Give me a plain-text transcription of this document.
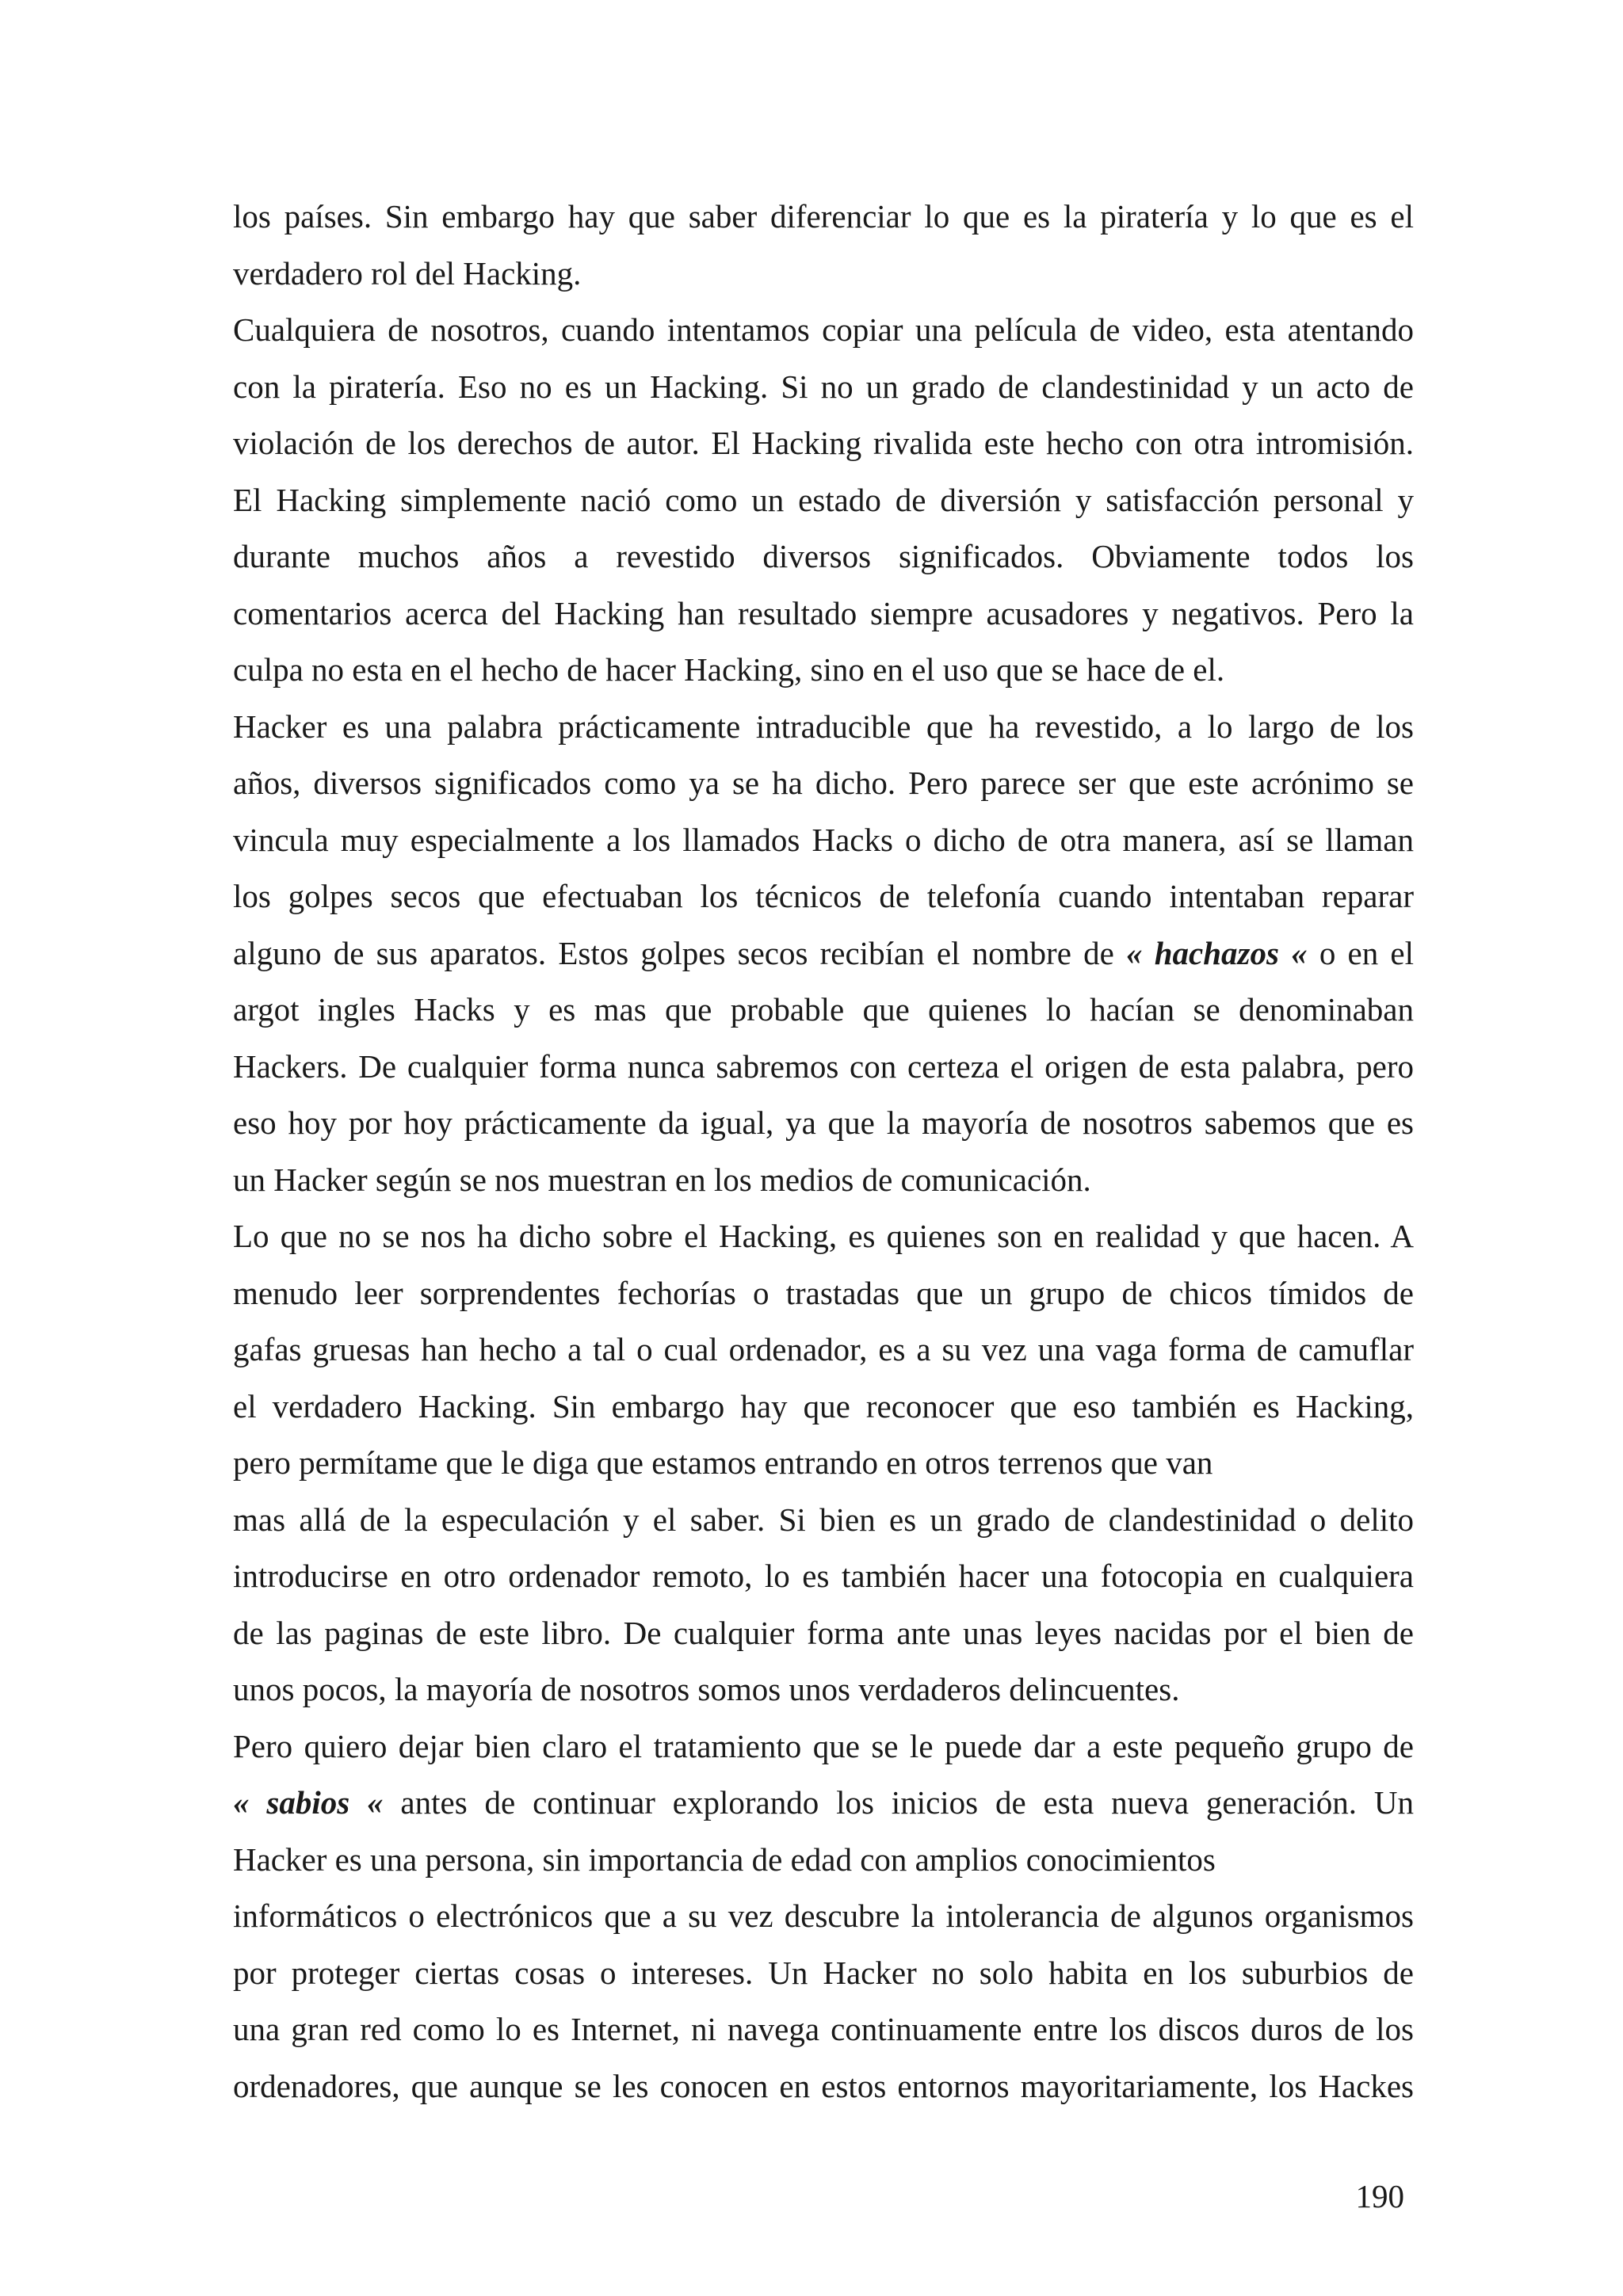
los países. Sin embargo hay que saber diferenciar lo que es la piratería y lo que es el
verdadero rol del Hacking.
Cualquiera de nosotros, cuando intentamos copiar una película de video, esta atentando
con la piratería. Eso no es un Hacking. Si no un grado de clandestinidad y un acto de
violación de los derechos de autor. El Hacking rivalida este hecho con otra intromisión.
El Hacking simplemente nació como un estado de diversión y satisfacción personal y
durante muchos años a revestido diversos significados. Obviamente todos los
comentarios acerca del Hacking han resultado siempre acusadores y negativos. Pero la
culpa no esta en el hecho de hacer Hacking, sino en el uso que se hace de el.
Hacker es una palabra prácticamente intraducible que ha revestido, a lo largo de los
años, diversos significados como ya se ha dicho. Pero parece ser que este acrónimo se
vincula muy especialmente a los llamados Hacks o dicho de otra manera, así se llaman
los golpes secos que efectuaban los técnicos de telefonía cuando intentaban reparar
alguno de sus aparatos. Estos golpes secos recibían el nombre de « hachazos « o en el
argot ingles Hacks y es mas que probable que quienes lo hacían se denominaban
Hackers. De cualquier forma nunca sabremos con certeza el origen de esta palabra, pero
eso hoy por hoy prácticamente da igual, ya que la mayoría de nosotros sabemos que es
un Hacker según se nos muestran en los medios de comunicación.
Lo que no se nos ha dicho sobre el Hacking, es quienes son en realidad y que hacen. A
menudo leer sorprendentes fechorías o trastadas que un grupo de chicos tímidos de
gafas gruesas han hecho a tal o cual ordenador, es a su vez una vaga forma de camuflar
el verdadero Hacking. Sin embargo hay que reconocer que eso también es Hacking,
pero permítame que le diga que estamos entrando en otros terrenos que van
mas allá de la especulación y el saber. Si bien es un grado de clandestinidad o delito
introducirse en otro ordenador remoto, lo es también hacer una fotocopia en cualquiera
de las paginas de este libro. De cualquier forma ante unas leyes nacidas por el bien de
unos pocos, la mayoría de nosotros somos unos verdaderos delincuentes.
Pero quiero dejar bien claro el tratamiento que se le puede dar a este pequeño grupo de
« sabios « antes de continuar explorando los inicios de esta nueva generación. Un
Hacker es una persona, sin importancia de edad con amplios conocimientos
informáticos o electrónicos que a su vez descubre la intolerancia de algunos organismos
por proteger ciertas cosas o intereses. Un Hacker no solo habita en los suburbios de
una gran red como lo es Internet, ni navega continuamente entre los discos duros de los
ordenadores, que aunque se les conocen en estos entornos mayoritariamente, los Hackes
190
